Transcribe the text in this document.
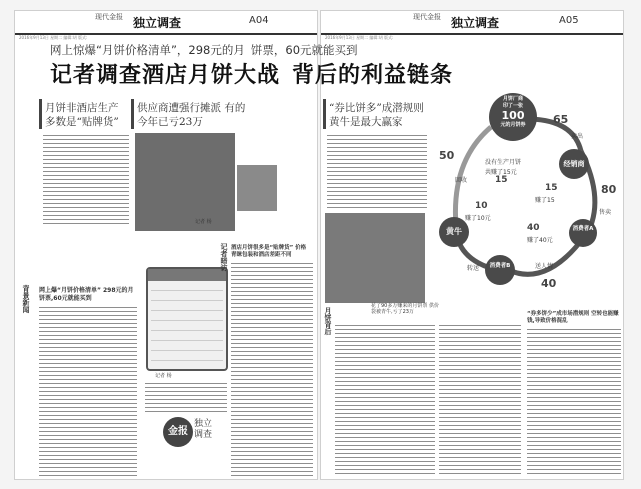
现代金报 独立调查	A04
2016年9月13日 星期二 编辑:胡 版式:
月饼非酒店生产 多数是“贴牌货”
供应商遭强行摊派 有的今年已亏23万
记者 杨
背景新闻 网上爆“月饼价格清单” 298元的月饼票,60元就能买到
记者 杨
记者暗访 酒店月饼很多是“贴牌货” 价格青睐包装和酒店差距不同
金报
独立调查
现代金报 独立调查	A05
2016年9月13日 星期二 编辑:胡 版式:
“券比饼多”成潜规则 黄牛是最大赢家
花了90多万赚来的月饼票 供价袋被青牛,亏了23万
月饼背后	“券多饼少”成市场潜规则 空转也能赚钱,导致价格混乱
月饼厂商
印了一张
100
元的月饼券
经销商
消费者A
消费者B
黄牛
65
80
40
40
10
15
50
15
卖出
售卖
送人情
转送
没有生产月饼
共赚了15元
赚了15
赚了40元
赚了10元
回收
网上惊爆“月饼价格清单”，298元的月 饼票，60元就能买到
记者调查酒店月饼大战 背后的利益链条
